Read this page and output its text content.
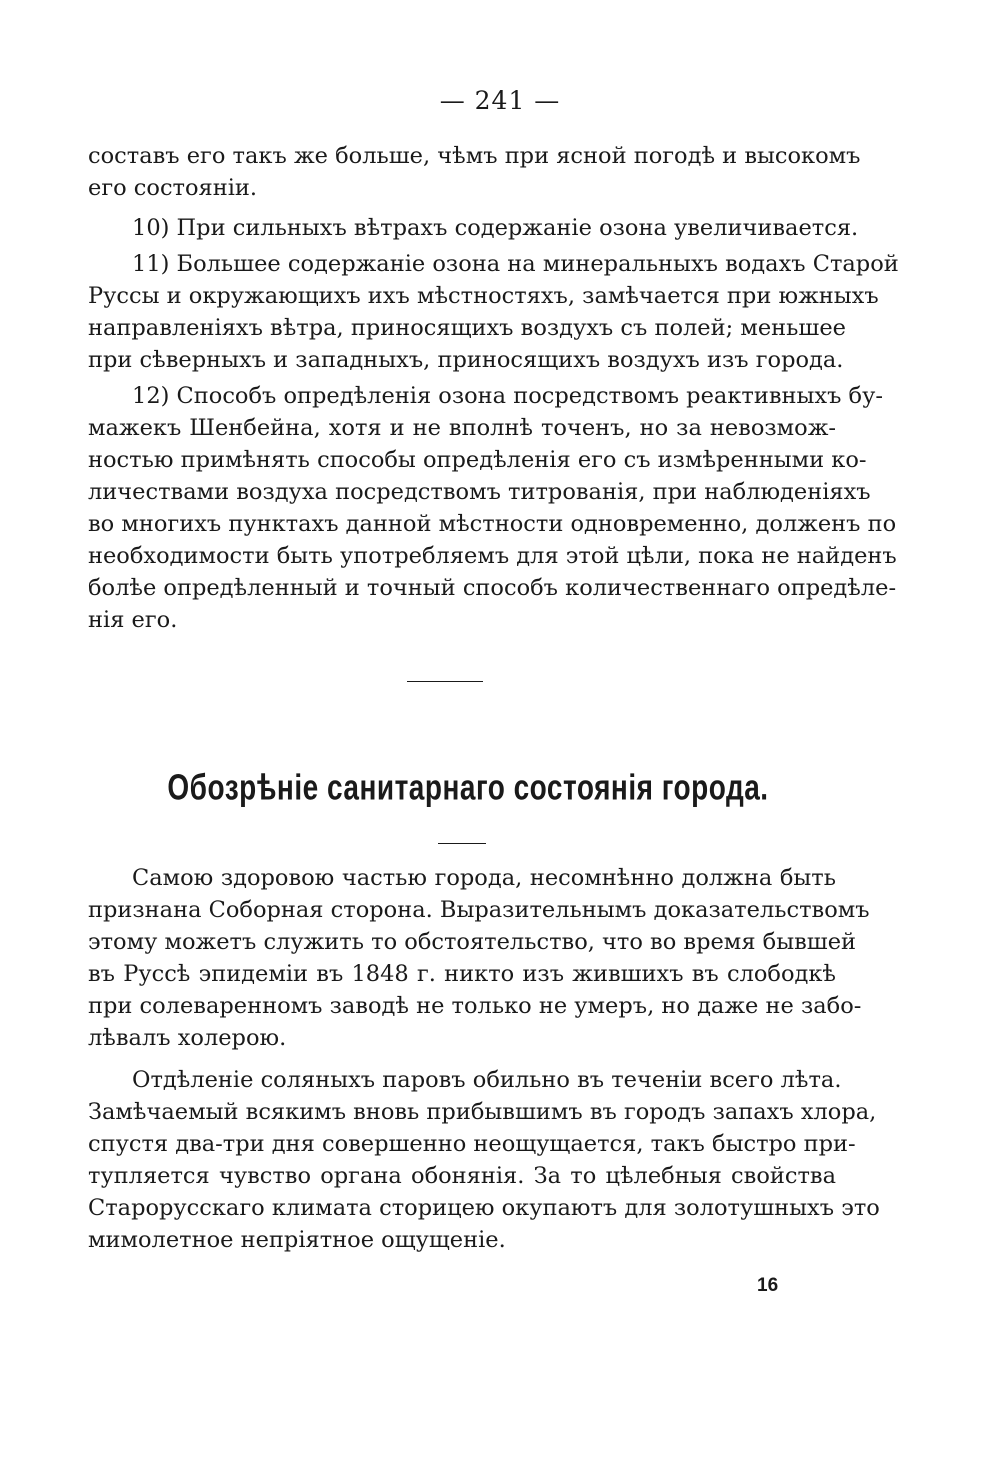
— 241 —
составъ его такъ же больше, чѣмъ при ясной погодѣ и высокомъ
его состояніи.
10) При сильныхъ вѣтрахъ содержаніе озона увеличивается.
11) Большее содержаніе озона на минеральныхъ водахъ Старой
Руссы и окружающихъ ихъ мѣстностяхъ, замѣчается при южныхъ
направленіяхъ вѣтра, приносящихъ воздухъ съ полей; меньшее
при сѣверныхъ и западныхъ, приносящихъ воздухъ изъ города.
12) Способъ опредѣленія озона посредствомъ реактивныхъ бу-
мажекъ Шенбейна, хотя и не вполнѣ точенъ, но за невозмож-
ностью примѣнять способы опредѣленія его съ измѣренными ко-
личествами воздуха посредствомъ титрованія, при наблюденіяхъ
во многихъ пунктахъ данной мѣстности одновременно, долженъ по
необходимости быть употребляемъ для этой цѣли, пока не найденъ
болѣе опредѣленный и точный способъ количественнаго опредѣле-
нія его.
Обозрѣніе санитарнаго состоянія города.
Самою здоровою частью города, несомнѣнно должна быть
признана Соборная сторона. Выразительнымъ доказательствомъ
этому можетъ служить то обстоятельство, что во время бывшей
въ Руссѣ эпидеміи въ 1848 г. никто изъ жившихъ въ слободкѣ
при солеваренномъ заводѣ не только не умеръ, но даже не забо-
лѣвалъ холерою.
Отдѣленіе соляныхъ паровъ обильно въ теченіи всего лѣта.
Замѣчаемый всякимъ вновь прибывшимъ въ городъ запахъ хлора,
спустя два-три дня совершенно неощущается, такъ быстро при-
тупляется чувство органа обонянія. За то цѣлебныя свойства
Старорусскаго климата сторицею окупаютъ для золотушныхъ это
мимолетное непріятное ощущеніе.
16
